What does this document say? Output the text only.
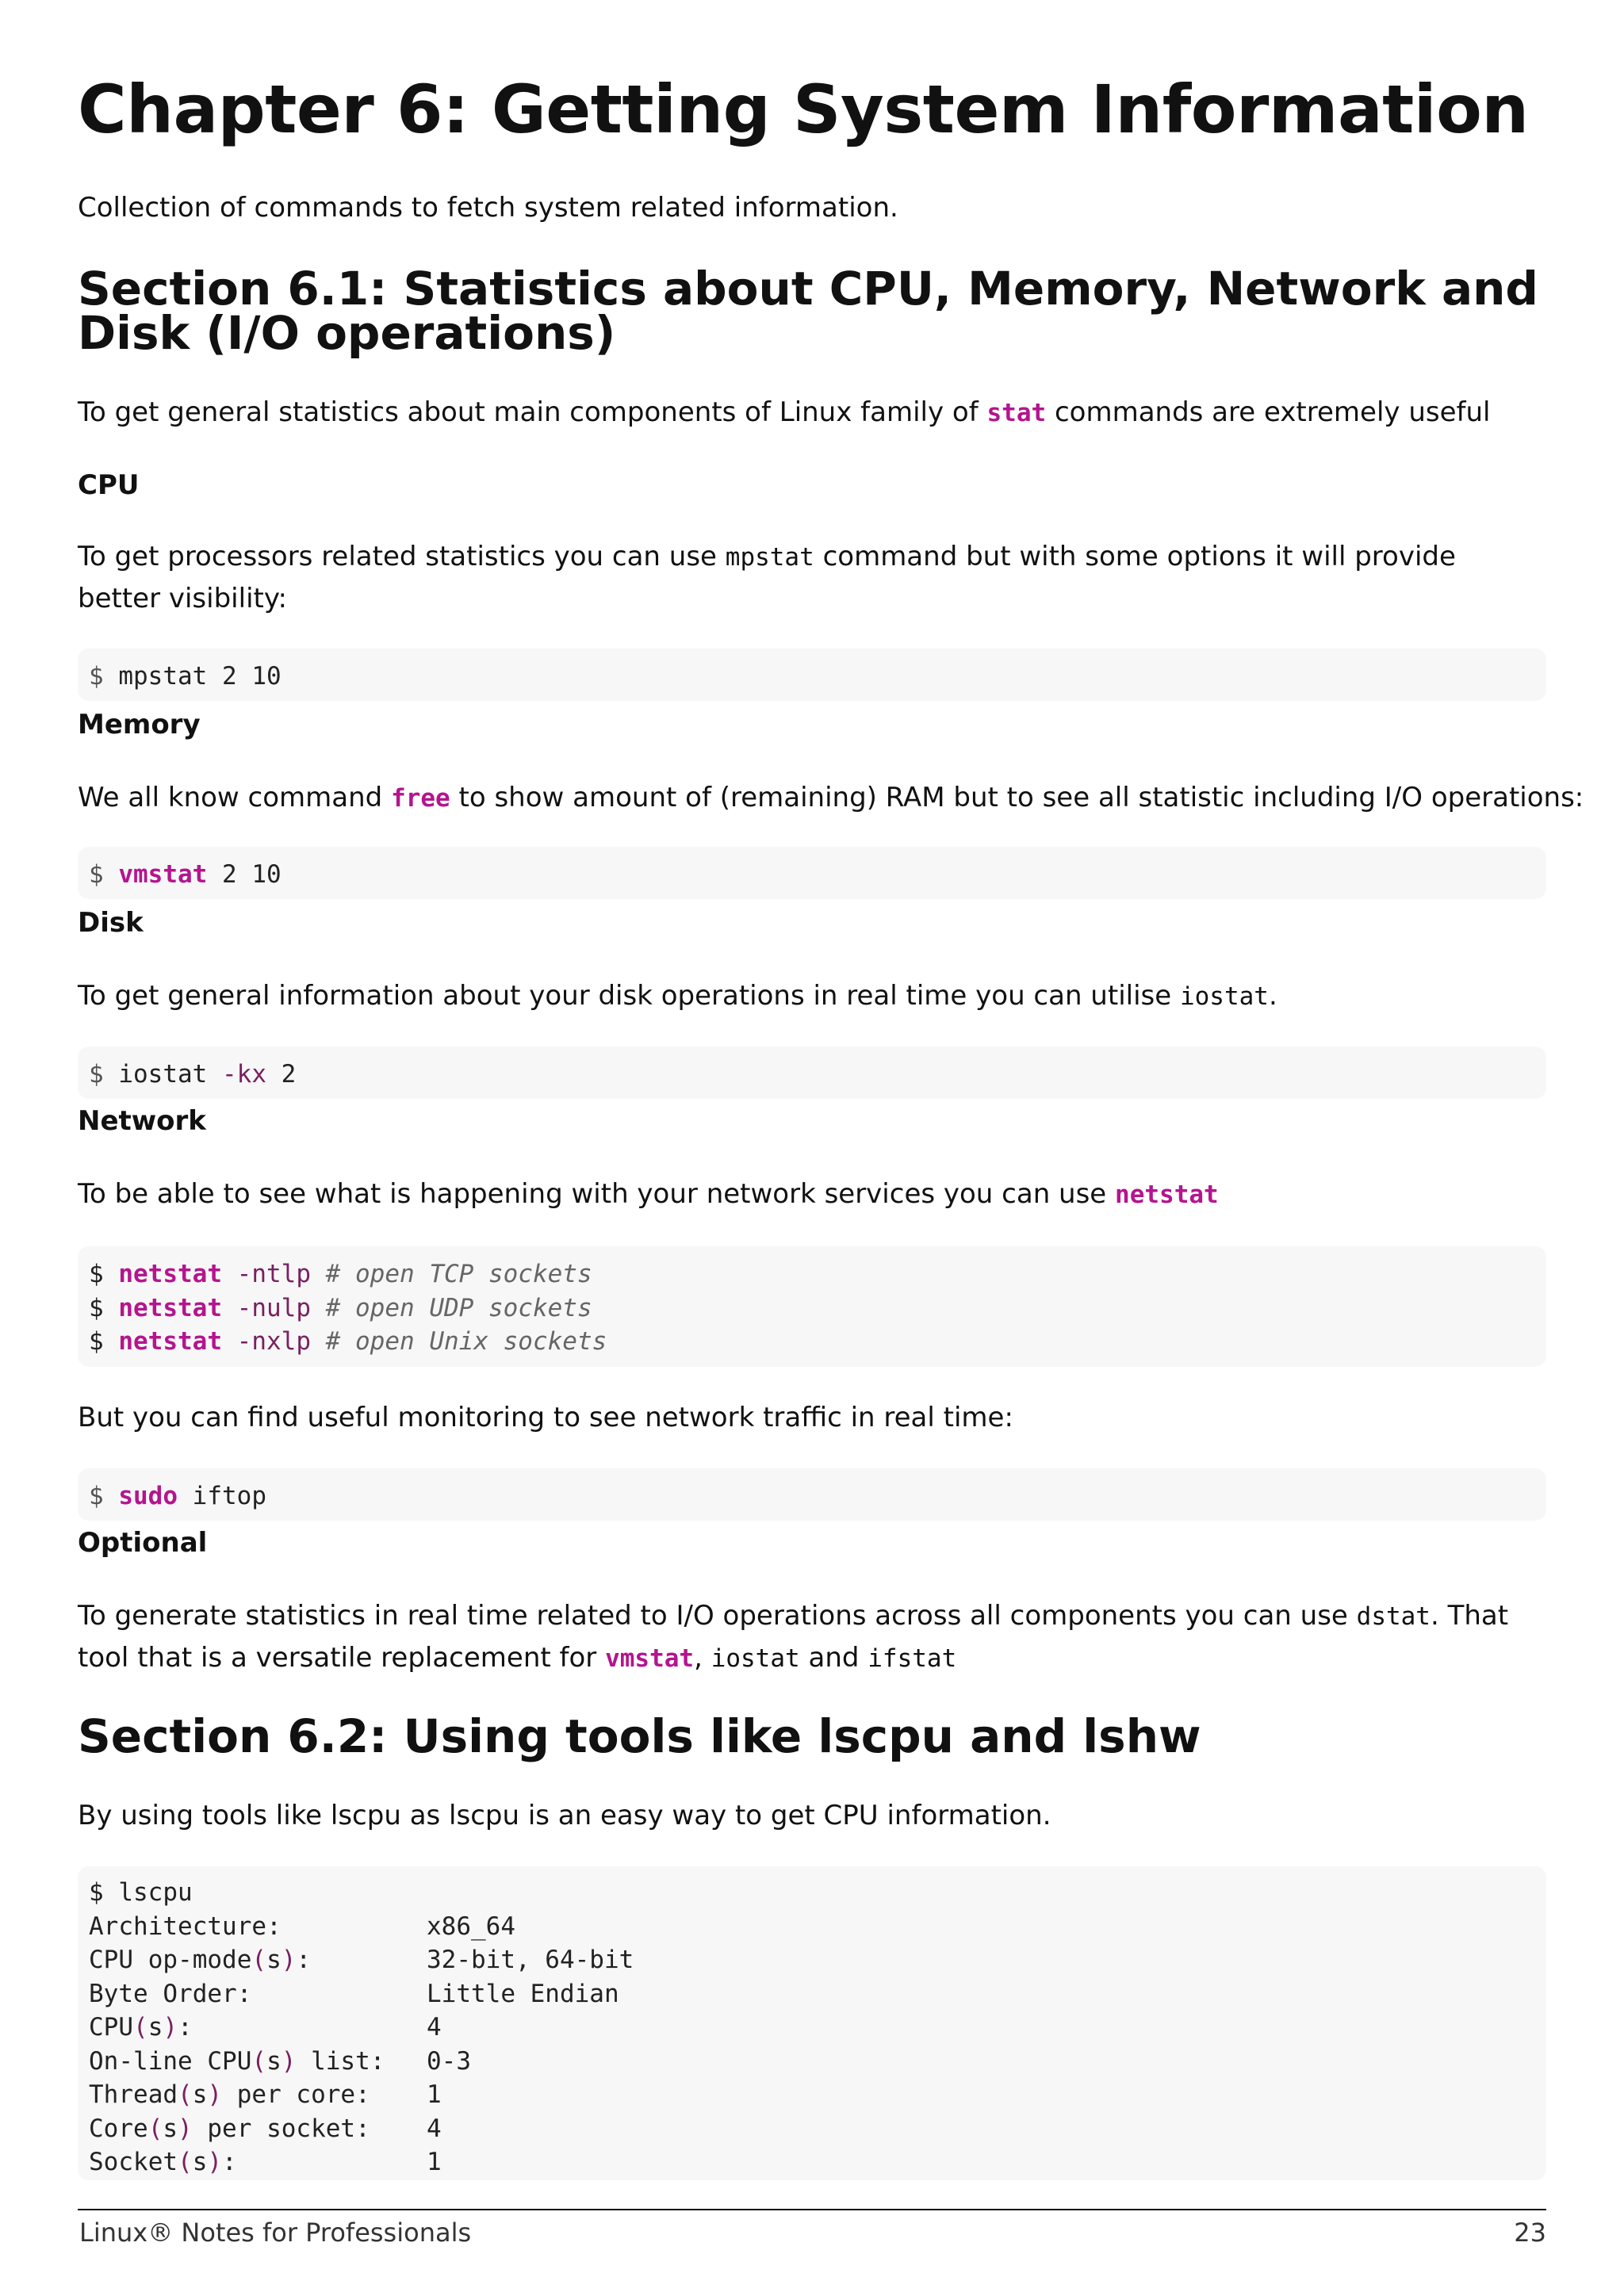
Chapter 6: Getting System Information

Collection of commands to fetch system related information.

Section 6.1: Statistics about CPU, Memory, Network and Disk (I/O operations)

To get general statistics about main components of Linux family of stat commands are extremely useful

CPU

To get processors related statistics you can use mpstat command but with some options it will provide better visibility:

$ mpstat 2 10
Memory

We all know command free to show amount of (remaining) RAM but to see all statistic including I/O operations:

$ vmstat 2 10
Disk

To get general information about your disk operations in real time you can utilise iostat.

$ iostat -kx 2
Network

To be able to see what is happening with your network services you can use netstat

$ netstat -ntlp # open TCP sockets
$ netstat -nulp # open UDP sockets
$ netstat -nxlp # open Unix sockets

But you can find useful monitoring to see network traffic in real time:

$ sudo iftop
Optional

To generate statistics in real time related to I/O operations across all components you can use dstat. That tool that is a versatile replacement for vmstat, iostat and ifstat

Section 6.2: Using tools like lscpu and lshw

By using tools like lscpu as lscpu is an easy way to get CPU information.

$ lscpu
Architecture:	x86_64
CPU op-mode(s):	32-bit, 64-bit
Byte Order:	Little Endian
CPU(s):	4
On-line CPU(s) list:	0-3
Thread(s) per core:	1
Core(s) per socket:	4
Socket(s):	1
Linux® Notes for Professionals	23
